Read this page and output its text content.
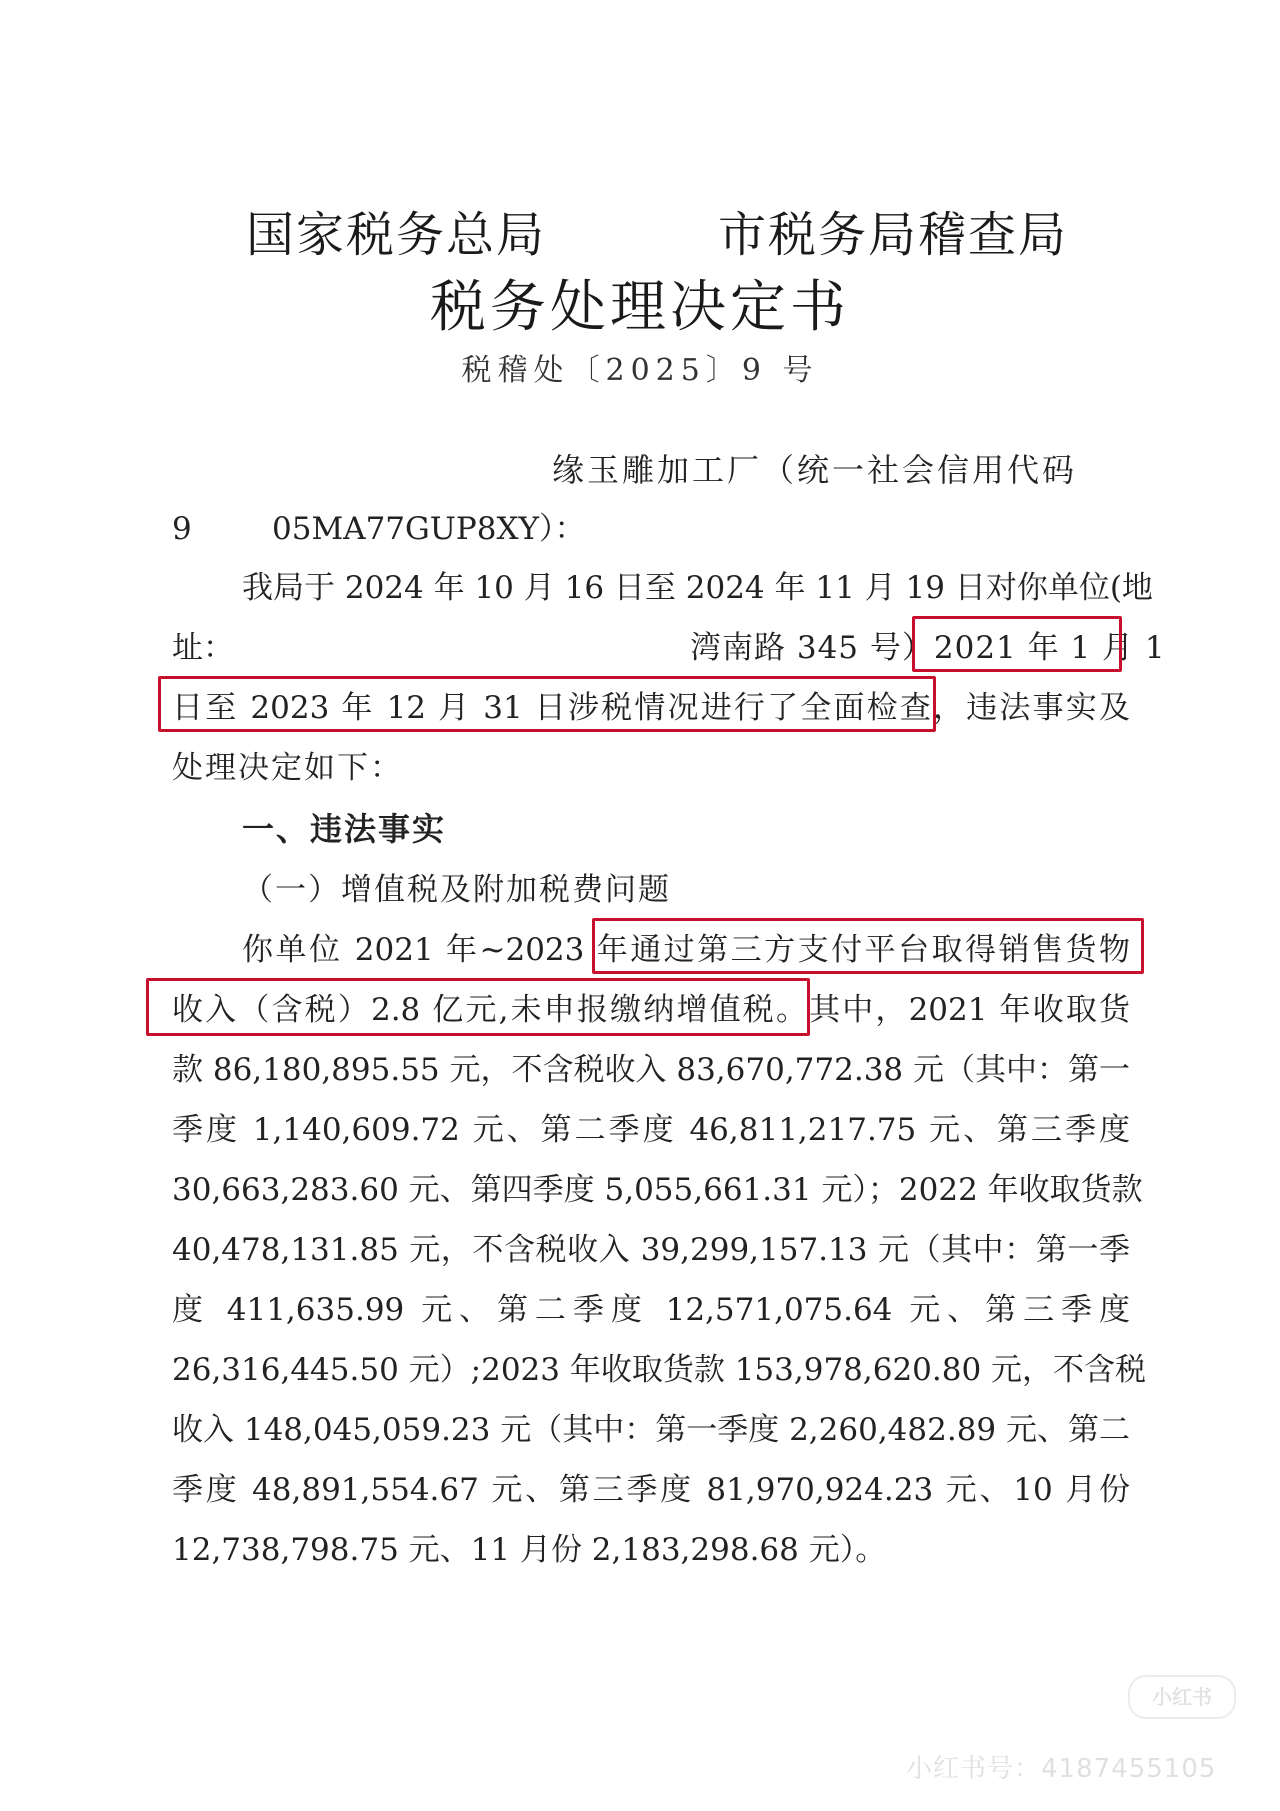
国家税务总局	市税务局稽查局
税务处理决定书
税稽处〔2025〕9 号
缘玉雕加工厂（统一社会信用代码
9	05MA77GUP8XY）：
我局于 2024 年 10 月 16 日至 2024 年 11 月 19 日对你单位(地
址：	湾南路 345 号）2021 年 1 月 1
日至 2023 年 12 月 31 日涉税情况进行了全面检查，违法事实及
处理决定如下：
一、违法事实
（一）增值税及附加税费问题
你单位 2021 年~2023 年通过第三方支付平台取得销售货物
收入（含税）2.8 亿元,未申报缴纳增值税。其中，2021 年收取货
款 86,180,895.55 元，不含税收入 83,670,772.38 元（其中：第一
季度 1,140,609.72 元、第二季度 46,811,217.75 元、第三季度
30,663,283.60 元、第四季度 5,055,661.31 元）；2022 年收取货款
40,478,131.85 元，不含税收入 39,299,157.13 元（其中：第一季
度 411,635.99 元、第二季度 12,571,075.64 元、第三季度
26,316,445.50 元）;2023 年收取货款 153,978,620.80 元，不含税
收入 148,045,059.23 元（其中：第一季度 2,260,482.89 元、第二
季度 48,891,554.67 元、第三季度 81,970,924.23 元、10 月份
12,738,798.75 元、11 月份 2,183,298.68 元）。
小红书
小红书号：4187455105
